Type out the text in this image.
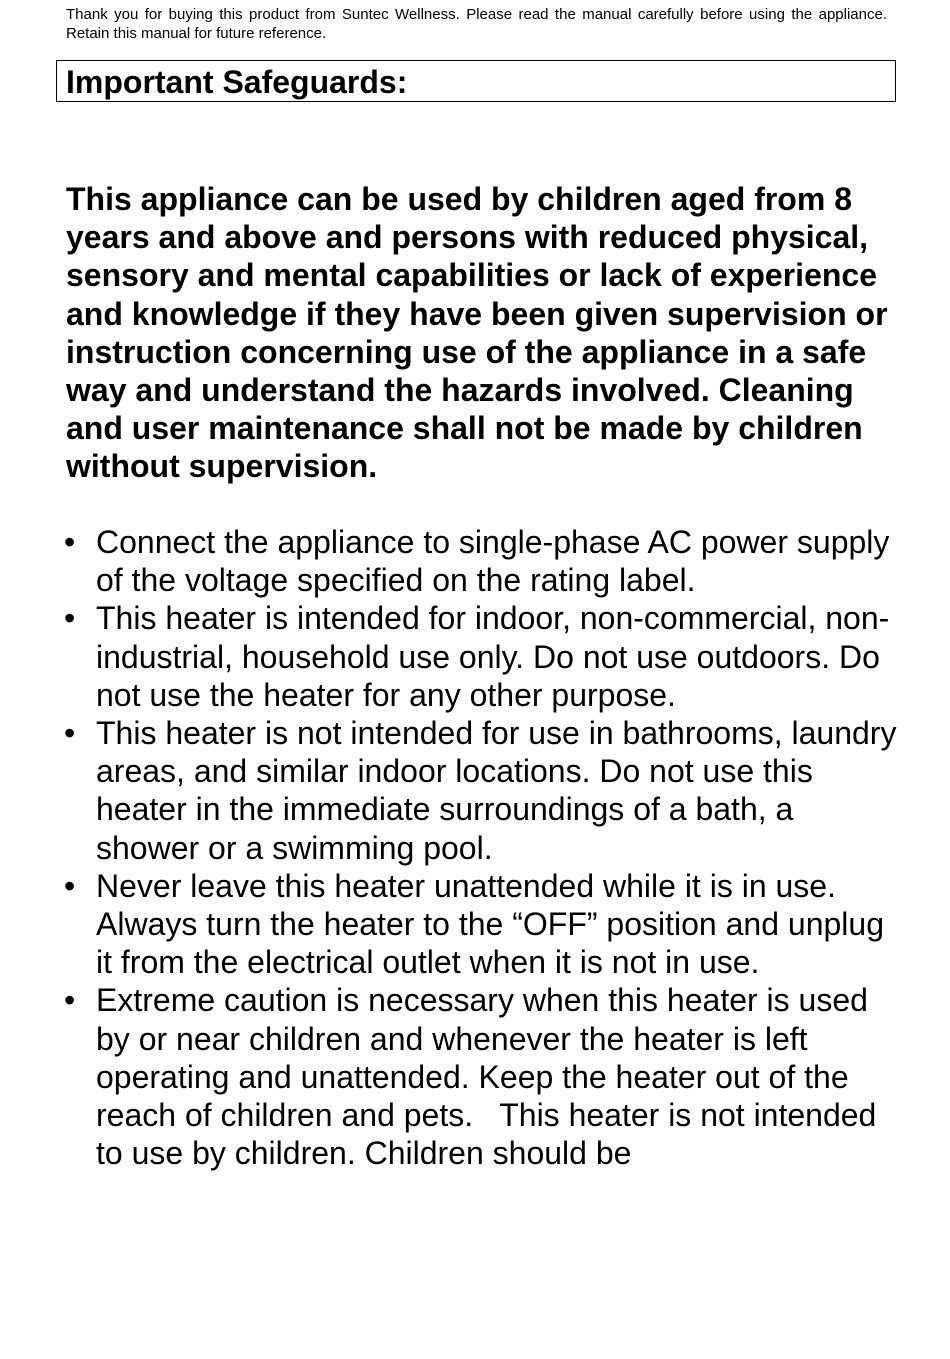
Thank you for buying this product from Suntec Wellness. Please read the manual carefully before using the appliance. Retain this manual for future reference.

Important Safeguards:

This appliance can be used by children aged from 8 years and above and persons with reduced physical, sensory and mental capabilities or lack of experience and knowledge if they have been given supervision or instruction concerning use of the appliance in a safe way and understand the hazards involved. Cleaning and user maintenance shall not be made by children without supervision.

• Connect the appliance to single-phase AC power supply of the voltage specified on the rating label.
• This heater is intended for indoor, non-commercial, non-industrial, household use only. Do not use outdoors. Do not use the heater for any other purpose.
• This heater is not intended for use in bathrooms, laundry areas, and similar indoor locations. Do not use this heater in the immediate surroundings of a bath, a shower or a swimming pool.
• Never leave this heater unattended while it is in use. Always turn the heater to the “OFF” position and unplug it from the electrical outlet when it is not in use.
• Extreme caution is necessary when this heater is used by or near children and whenever the heater is left operating and unattended. Keep the heater out of the reach of children and pets.   This heater is not intended to use by children. Children should be
